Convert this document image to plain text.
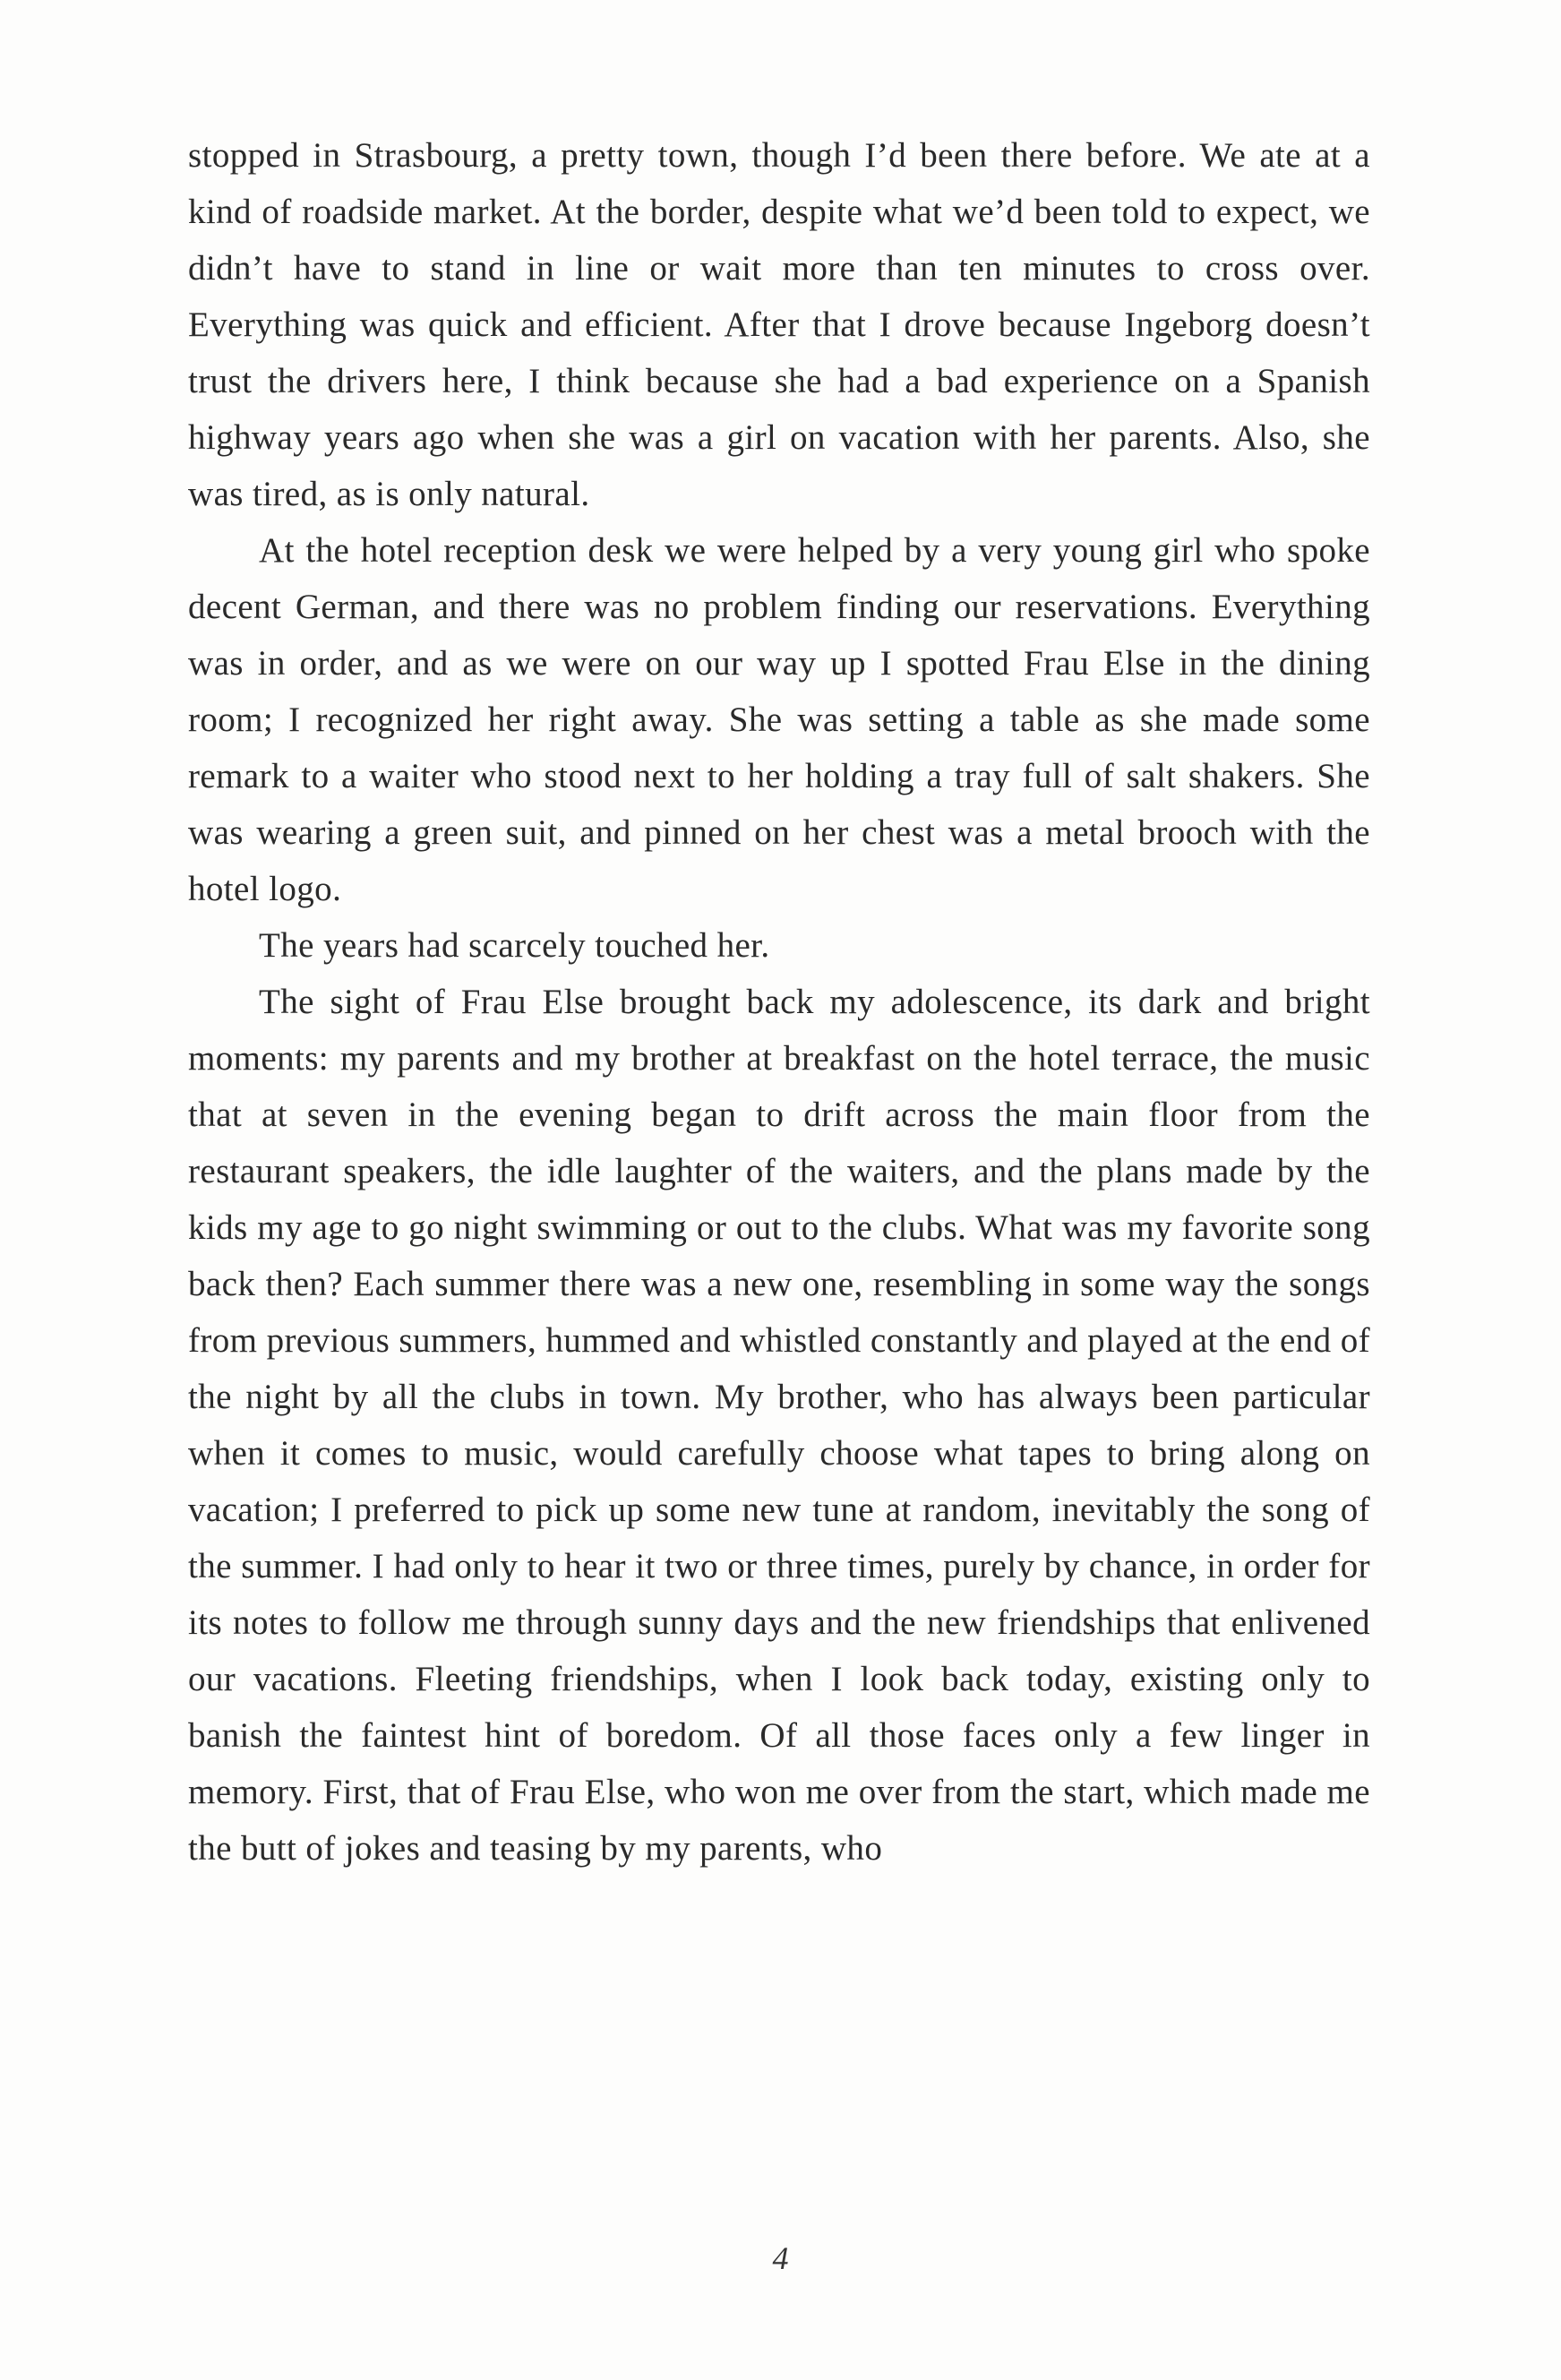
stopped in Strasbourg, a pretty town, though I’d been there before. We ate at a kind of roadside market. At the border, despite what we’d been told to expect, we didn’t have to stand in line or wait more than ten minutes to cross over. Everything was quick and efficient. After that I drove because Ingeborg doesn’t trust the drivers here, I think because she had a bad experience on a Spanish highway years ago when she was a girl on vacation with her parents. Also, she was tired, as is only natural.

At the hotel reception desk we were helped by a very young girl who spoke decent German, and there was no problem finding our reservations. Everything was in order, and as we were on our way up I spotted Frau Else in the dining room; I recognized her right away. She was setting a table as she made some remark to a waiter who stood next to her holding a tray full of salt shakers. She was wearing a green suit, and pinned on her chest was a metal brooch with the hotel logo.

The years had scarcely touched her.

The sight of Frau Else brought back my adolescence, its dark and bright moments: my parents and my brother at breakfast on the hotel terrace, the music that at seven in the evening began to drift across the main floor from the restaurant speakers, the idle laughter of the waiters, and the plans made by the kids my age to go night swimming or out to the clubs. What was my favorite song back then? Each summer there was a new one, resembling in some way the songs from previous summers, hummed and whistled constantly and played at the end of the night by all the clubs in town. My brother, who has always been particular when it comes to music, would carefully choose what tapes to bring along on vacation; I preferred to pick up some new tune at random, inevitably the song of the summer. I had only to hear it two or three times, purely by chance, in order for its notes to follow me through sunny days and the new friendships that enlivened our vacations. Fleeting friendships, when I look back today, existing only to banish the faintest hint of boredom. Of all those faces only a few linger in memory. First, that of Frau Else, who won me over from the start, which made me the butt of jokes and teasing by my parents, who

4
